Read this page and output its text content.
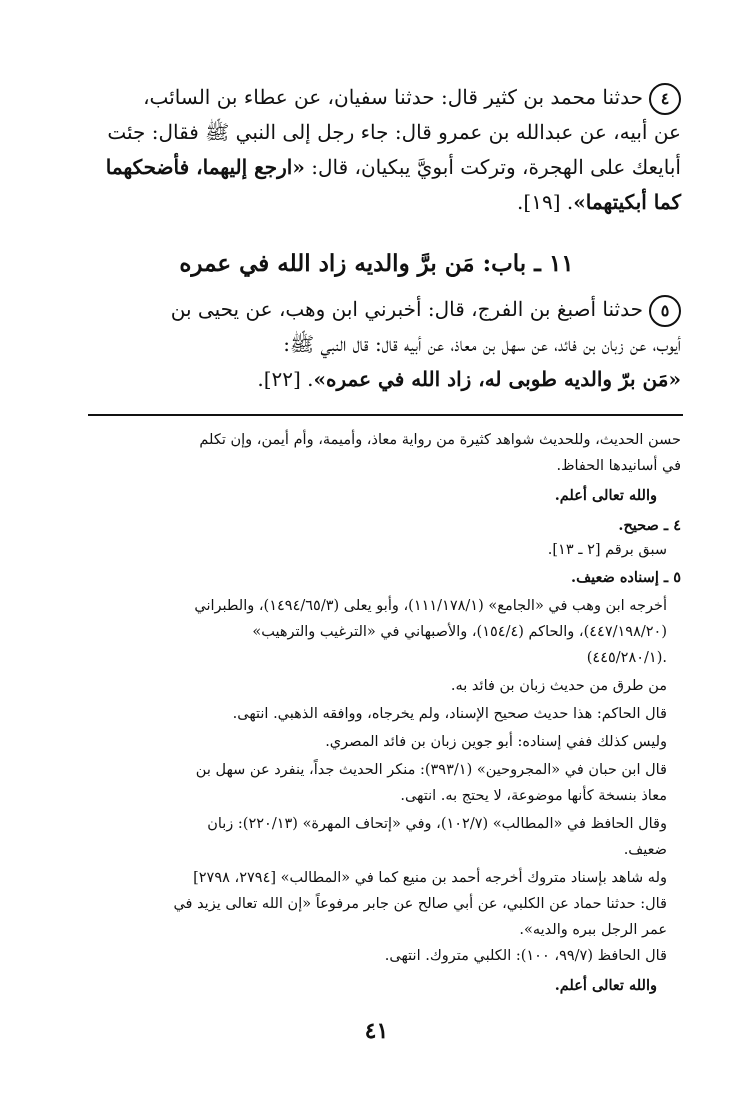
٤حدثنا محمد بن كثير قال: حدثنا سفيان، عن عطاء بن السائب،
عن أبيه، عن عبدالله بن عمرو قال: جاء رجل إلى النبي ﷺ فقال: جئت
أبايعك على الهجرة، وتركت أبويَّ يبكيان، قال: «ارجع إليهما، فأضحكهما
كما أبكيتهما». [١٩].
١١ ـ باب: مَن برَّ والديه زاد الله في عمره
٥حدثنا أصبغ بن الفرج، قال: أخبرني ابن وهب، عن يحيى بن
أيوب، عن زبان بن فائد، عن سهل بن معاذ، عن أبيه قال: قال النبي ﷺ:
«مَن برّ والديه طوبى له، زاد الله في عمره». [٢٢].
حسن الحديث، وللحديث شواهد كثيرة من رواية معاذ، وأميمة، وأم أيمن، وإن تكلم
في أسانيدها الحفاظ.
والله تعالى أعلم.
٤ ـ صحيح.
سبق برقم [٢ ـ ١٣].
٥ ـ إسناده ضعيف.
أخرجه ابن وهب في «الجامع» (١١١/١٧٨/١)، وأبو يعلى (١٤٩٤/٦٥/٣)، والطبراني
(٤٤٧/١٩٨/٢٠)، والحاكم (١٥٤/٤)، والأصبهاني في «الترغيب والترهيب»
(٤٤٥/٢٨٠/١).
من طرق من حديث زبان بن فائد به.
قال الحاكم: هذا حديث صحيح الإسناد، ولم يخرجاه، ووافقه الذهبي. انتهى.
وليس كذلك ففي إسناده: أبو جوين زبان بن فائد المصري.
قال ابن حبان في «المجروحين» (٣٩٣/١): منكر الحديث جداً، ينفرد عن سهل بن
معاذ بنسخة كأنها موضوعة، لا يحتج به. انتهى.
وقال الحافظ في «المطالب» (١٠٢/٧)، وفي «إتحاف المهرة» (٢٢٠/١٣): زبان
ضعيف.
وله شاهد بإسناد متروك أخرجه أحمد بن منيع كما في «المطالب» [٢٧٩٤، ٢٧٩٨]
قال: حدثنا حماد عن الكلبي، عن أبي صالح عن جابر مرفوعاً «إن الله تعالى يزيد في
عمر الرجل ببره والديه».
قال الحافظ (٩٩/٧، ١٠٠): الكلبي متروك. انتهى.
والله تعالى أعلم.
٤١
